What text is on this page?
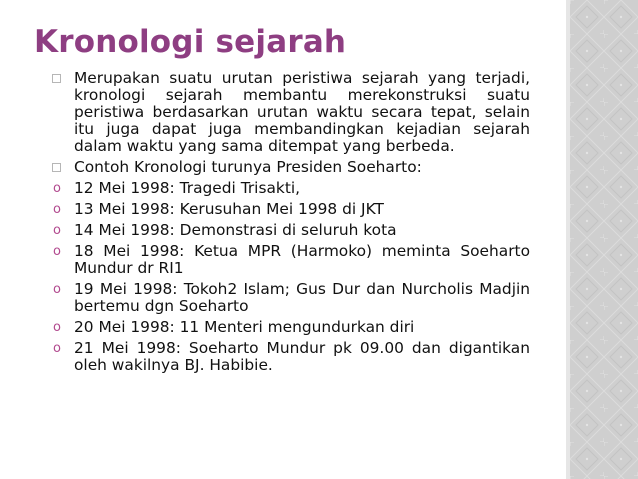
Kronologi sejarah
Merupakan suatu urutan peristiwa sejarah yang terjadi, kronologi sejarah membantu merekonstruksi suatu peristiwa berdasarkan urutan waktu secara tepat, selain itu juga dapat juga membandingkan kejadian sejarah dalam waktu yang sama ditempat yang berbeda.
Contoh Kronologi turunya Presiden Soeharto:
o 12 Mei 1998: Tragedi Trisakti,
o 13 Mei 1998: Kerusuhan Mei 1998 di JKT
o 14 Mei 1998: Demonstrasi di seluruh kota
o 18 Mei 1998: Ketua MPR (Harmoko) meminta Soeharto Mundur dr RI1
o 19 Mei 1998: Tokoh2 Islam; Gus Dur dan Nurcholis Madjin bertemu dgn Soeharto
o 20 Mei 1998: 11 Menteri mengundurkan diri
o 21 Mei 1998: Soeharto Mundur pk 09.00 dan digantikan oleh wakilnya BJ. Habibie.
